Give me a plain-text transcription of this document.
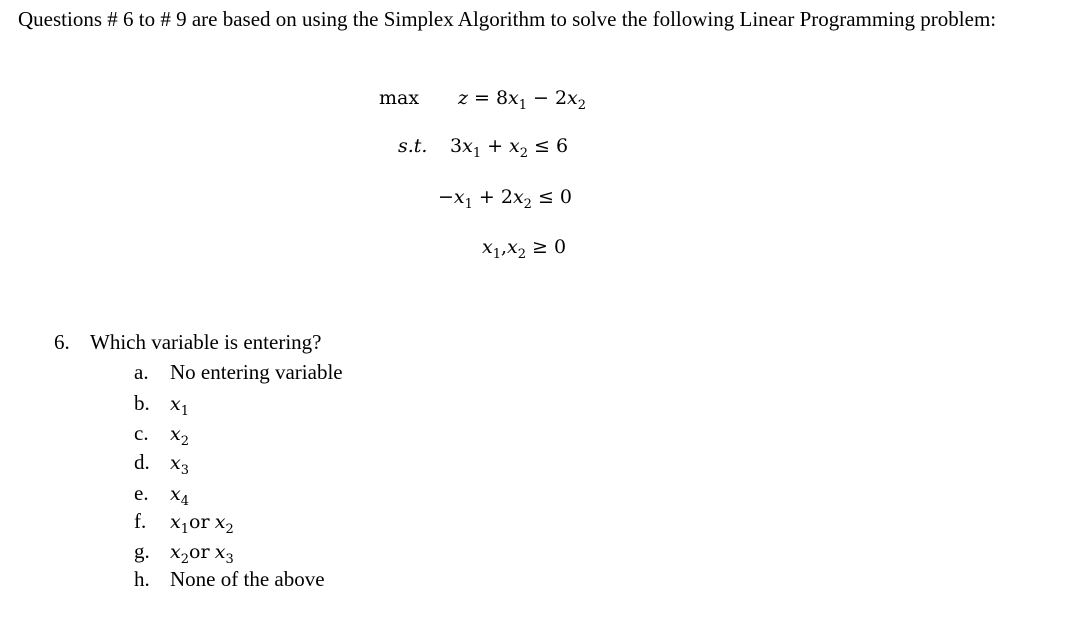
Questions # 6 to # 9 are based on using the Simplex Algorithm to solve the following Linear Programming problem:
$\max z = 8x_1 - 2x_2$
s.t. $3x_1 + x_2 \le 6$
$-x_1 + 2x_2 \le 0$
$x_1,x_2 \ge 0$
6. Which variable is entering?
a. No entering variable
b. $x_1$
c. $x_2$
d. $x_3$
e. $x_4$
f. $x_1or$ $x_2$
g. $x_2or$ $x_3$
h. None of the above
